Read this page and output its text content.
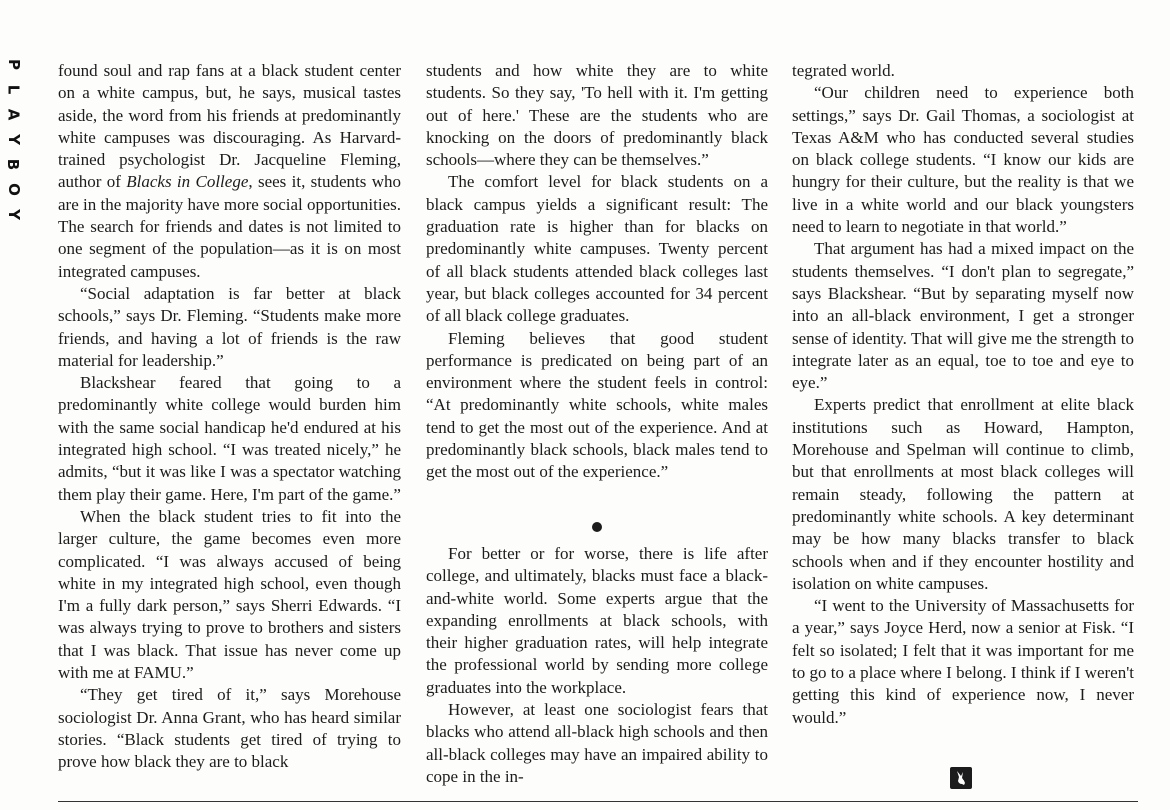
P
L
A
Y
B
O
Y

found soul and rap fans at a black student center on a white campus, but, he says, musical tastes aside, the word from his friends at predominantly white campuses was discouraging. As Harvard-trained psychologist Dr. Jacqueline Fleming, author of Blacks in College, sees it, students who are in the majority have more social opportunities. The search for friends and dates is not limited to one segment of the population—as it is on most integrated campuses.

“Social adaptation is far better at black schools,” says Dr. Fleming. “Students make more friends, and having a lot of friends is the raw material for leadership.”

Blackshear feared that going to a predominantly white college would burden him with the same social handicap he'd endured at his integrated high school. “I was treated nicely,” he admits, “but it was like I was a spectator watching them play their game. Here, I'm part of the game.”

When the black student tries to fit into the larger culture, the game becomes even more complicated. “I was always accused of being white in my integrated high school, even though I'm a fully dark person,” says Sherri Edwards. “I was always trying to prove to brothers and sisters that I was black. That issue has never come up with me at FAMU.”

“They get tired of it,” says Morehouse sociologist Dr. Anna Grant, who has heard similar stories. “Black students get tired of trying to prove how black they are to black

students and how white they are to white students. So they say, 'To hell with it. I'm getting out of here.' These are the students who are knocking on the doors of predominantly black schools—where they can be themselves.”

The comfort level for black students on a black campus yields a significant result: The graduation rate is higher than for blacks on predominantly white campuses. Twenty percent of all black students attended black colleges last year, but black colleges accounted for 34 percent of all black college graduates.

Fleming believes that good student performance is predicated on being part of an environment where the student feels in control: “At predominantly white schools, white males tend to get the most out of the experience. And at predominantly black schools, black males tend to get the most out of the experience.”

For better or for worse, there is life after college, and ultimately, blacks must face a black-and-white world. Some experts argue that the expanding enrollments at black schools, with their higher graduation rates, will help integrate the professional world by sending more college graduates into the workplace.

However, at least one sociologist fears that blacks who attend all-black high schools and then all-black colleges may have an impaired ability to cope in the in-

tegrated world.

“Our children need to experience both settings,” says Dr. Gail Thomas, a sociologist at Texas A&M who has conducted several studies on black college students. “I know our kids are hungry for their culture, but the reality is that we live in a white world and our black youngsters need to learn to negotiate in that world.”

That argument has had a mixed impact on the students themselves. “I don't plan to segregate,” says Blackshear. “But by separating myself now into an all-black environment, I get a stronger sense of identity. That will give me the strength to integrate later as an equal, toe to toe and eye to eye.”

Experts predict that enrollment at elite black institutions such as Howard, Hampton, Morehouse and Spelman will continue to climb, but that enrollments at most black colleges will remain steady, following the pattern at predominantly white schools. A key determinant may be how many blacks transfer to black schools when and if they encounter hostility and isolation on white campuses.

“I went to the University of Massachusetts for a year,” says Joyce Herd, now a senior at Fisk. “I felt so isolated; I felt that it was important for me to go to a place where I belong. I think if I weren't getting this kind of experience now, I never would.”
